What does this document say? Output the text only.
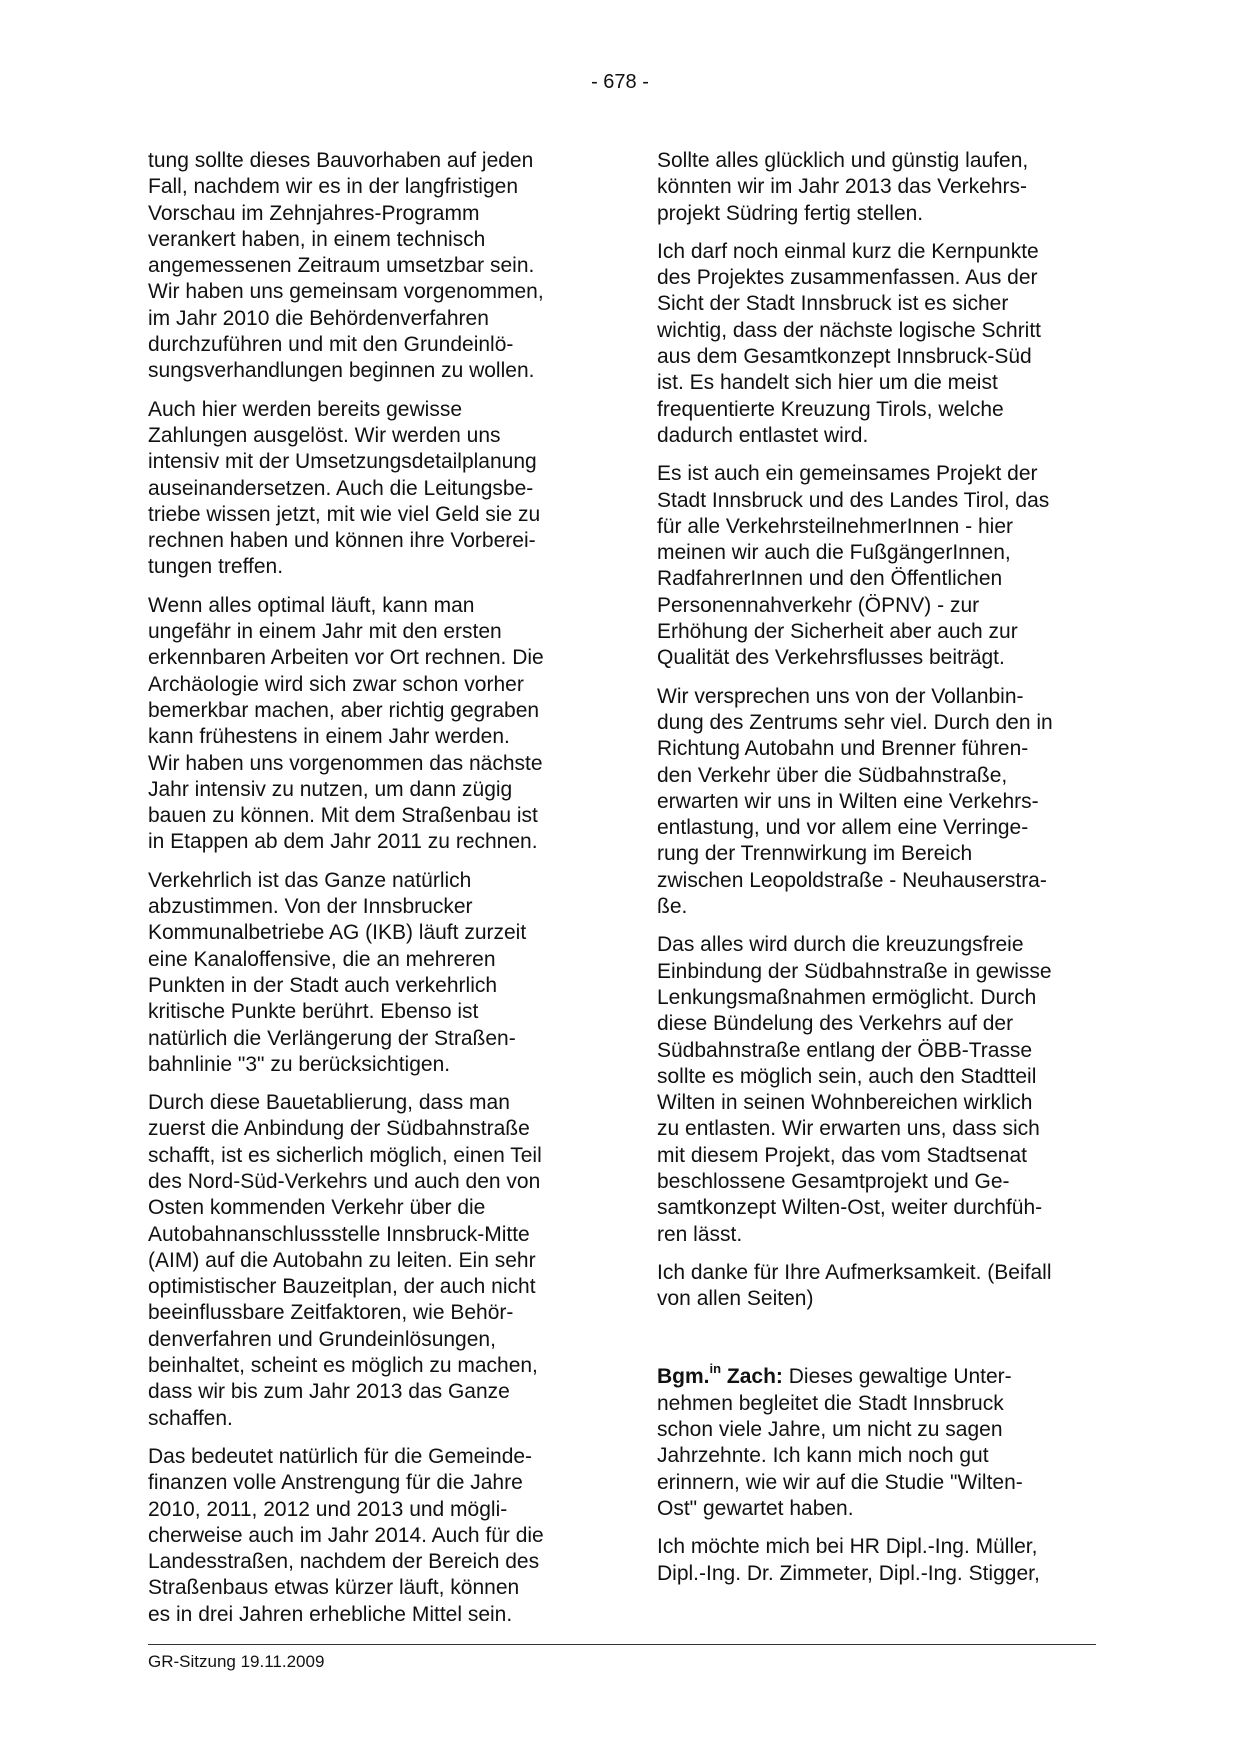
- 678 -

tung sollte dieses Bauvorhaben auf jeden
Fall, nachdem wir es in der langfristigen
Vorschau im Zehnjahres-Programm
verankert haben, in einem technisch
angemessenen Zeitraum umsetzbar sein.
Wir haben uns gemeinsam vorgenommen,
im Jahr 2010 die Behördenverfahren
durchzuführen und mit den Grundeinlö-
sungsverhandlungen beginnen zu wollen.

Auch hier werden bereits gewisse
Zahlungen ausgelöst. Wir werden uns
intensiv mit der Umsetzungsdetailplanung
auseinandersetzen. Auch die Leitungsbe-
triebe wissen jetzt, mit wie viel Geld sie zu
rechnen haben und können ihre Vorberei-
tungen treffen.

Wenn alles optimal läuft, kann man
ungefähr in einem Jahr mit den ersten
erkennbaren Arbeiten vor Ort rechnen. Die
Archäologie wird sich zwar schon vorher
bemerkbar machen, aber richtig gegraben
kann frühestens in einem Jahr werden.
Wir haben uns vorgenommen das nächste
Jahr intensiv zu nutzen, um dann zügig
bauen zu können. Mit dem Straßenbau ist
in Etappen ab dem Jahr 2011 zu rechnen.

Verkehrlich ist das Ganze natürlich
abzustimmen. Von der Innsbrucker
Kommunalbetriebe AG (IKB) läuft zurzeit
eine Kanaloffensive, die an mehreren
Punkten in der Stadt auch verkehrlich
kritische Punkte berührt. Ebenso ist
natürlich die Verlängerung der Straßen-
bahnlinie "3" zu berücksichtigen.

Durch diese Bauetablierung, dass man
zuerst die Anbindung der Südbahnstraße
schafft, ist es sicherlich möglich, einen Teil
des Nord-Süd-Verkehrs und auch den von
Osten kommenden Verkehr über die
Autobahnanschlussstelle Innsbruck-Mitte
(AIM) auf die Autobahn zu leiten. Ein sehr
optimistischer Bauzeitplan, der auch nicht
beeinflussbare Zeitfaktoren, wie Behör-
denverfahren und Grundeinlösungen,
beinhaltet, scheint es möglich zu machen,
dass wir bis zum Jahr 2013 das Ganze
schaffen.

Das bedeutet natürlich für die Gemeinde-
finanzen volle Anstrengung für die Jahre
2010, 2011, 2012 und 2013 und mögli-
cherweise auch im Jahr 2014. Auch für die
Landesstraßen, nachdem der Bereich des
Straßenbaus etwas kürzer läuft, können
es in drei Jahren erhebliche Mittel sein.

Sollte alles glücklich und günstig laufen,
könnten wir im Jahr 2013 das Verkehrs-
projekt Südring fertig stellen.

Ich darf noch einmal kurz die Kernpunkte
des Projektes zusammenfassen. Aus der
Sicht der Stadt Innsbruck ist es sicher
wichtig, dass der nächste logische Schritt
aus dem Gesamtkonzept Innsbruck-Süd
ist. Es handelt sich hier um die meist
frequentierte Kreuzung Tirols, welche
dadurch entlastet wird.

Es ist auch ein gemeinsames Projekt der
Stadt Innsbruck und des Landes Tirol, das
für alle VerkehrsteilnehmerInnen - hier
meinen wir auch die FußgängerInnen,
RadfahrerInnen und den Öffentlichen
Personennahverkehr (ÖPNV) - zur
Erhöhung der Sicherheit aber auch zur
Qualität des Verkehrsflusses beiträgt.

Wir versprechen uns von der Vollanbin-
dung des Zentrums sehr viel. Durch den in
Richtung Autobahn und Brenner führen-
den Verkehr über die Südbahnstraße,
erwarten wir uns in Wilten eine Verkehrs-
entlastung, und vor allem eine Verringe-
rung der Trennwirkung im Bereich
zwischen Leopoldstraße - Neuhauserstra-
ße.

Das alles wird durch die kreuzungsfreie
Einbindung der Südbahnstraße in gewisse
Lenkungsmaßnahmen ermöglicht. Durch
diese Bündelung des Verkehrs auf der
Südbahnstraße entlang der ÖBB-Trasse
sollte es möglich sein, auch den Stadtteil
Wilten in seinen Wohnbereichen wirklich
zu entlasten. Wir erwarten uns, dass sich
mit diesem Projekt, das vom Stadtsenat
beschlossene Gesamtprojekt und Ge-
samtkonzept Wilten-Ost, weiter durchfüh-
ren lässt.

Ich danke für Ihre Aufmerksamkeit. (Beifall
von allen Seiten)

Bgm.$^{in}$ Zach: Dieses gewaltige Unter-
nehmen begleitet die Stadt Innsbruck
schon viele Jahre, um nicht zu sagen
Jahrzehnte. Ich kann mich noch gut
erinnern, wie wir auf die Studie "Wilten-
Ost" gewartet haben.

Ich möchte mich bei HR Dipl.-Ing. Müller,
Dipl.-Ing. Dr. Zimmeter, Dipl.-Ing. Stigger,

GR-Sitzung 19.11.2009
